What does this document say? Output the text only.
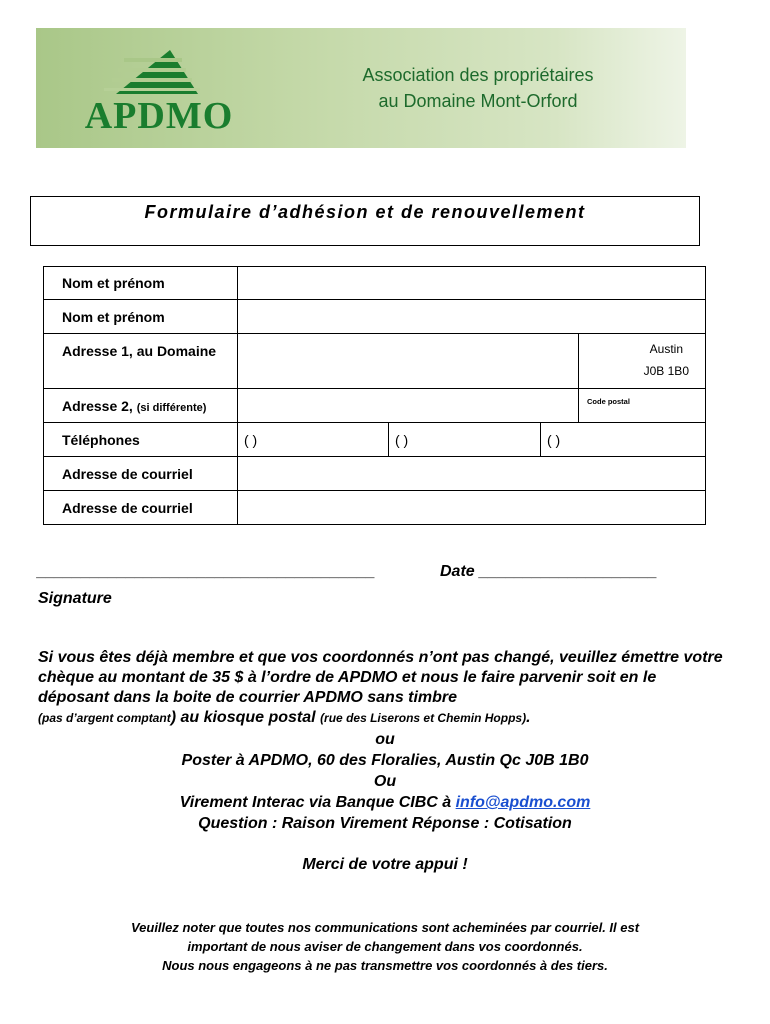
APDMO
Association des propriétaires
au Domaine Mont-Orford
Formulaire d’adhésion et de renouvellement
Nom et prénom				
Nom et prénom				
Adresse 1, au Domaine				Austin
J0B 1B0

Adresse 2, (si différente)				Code postal

Téléphones	( )	( )	( )	
Adresse de courriel				
Adresse de courriel				
______________________________________	Date ____________________
Signature
Si vous êtes déjà membre et que vos coordonnés n’ont pas changé, veuillez émettre votre chèque au montant de 35 $ à l’ordre de APDMO et nous le faire parvenir soit en le déposant dans la boite de courrier APDMO sans timbre
(pas d’argent comptant) au kiosque postal (rue des Liserons et Chemin Hopps).
ou
Poster à APDMO, 60 des Floralies, Austin Qc J0B 1B0
Ou
Virement Interac via Banque CIBC à info@apdmo.com
Question : Raison Virement Réponse : Cotisation
Merci de votre appui !
Veuillez noter que toutes nos communications sont acheminées par courriel. Il est
important de nous aviser de changement dans vos coordonnés.
Nous nous engageons à ne pas transmettre vos coordonnés à des tiers.
